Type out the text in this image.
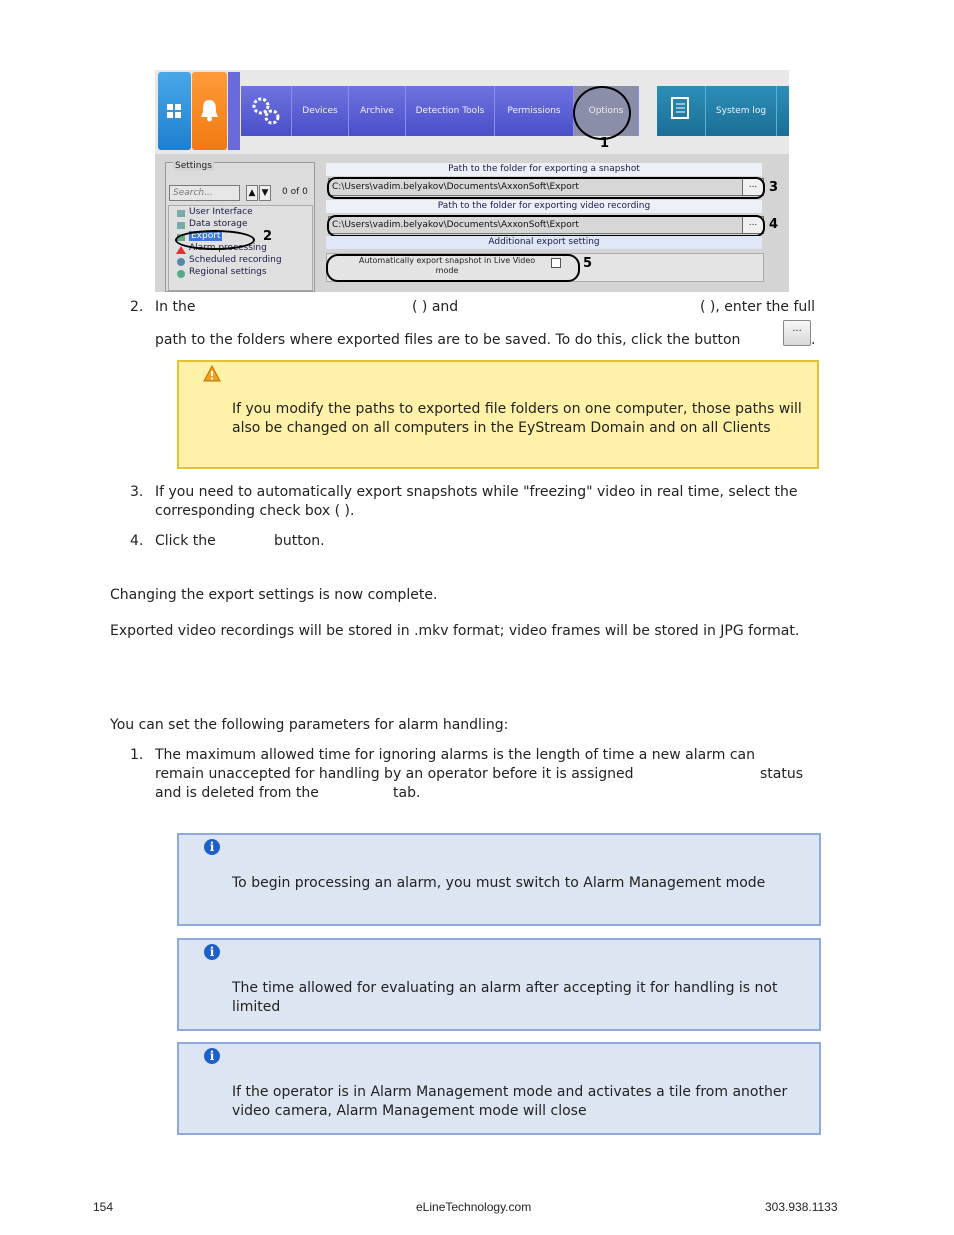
Devices	Archive	Detection Tools	Permissions	Options	System log
1
Settings
Search...	▲ ▼ 0 of 0
User Interface
Data storage
Export
Alarm processing
Scheduled recording
Regional settings
2
Path to the folder for exporting a snapshot
C:\Users\vadim.belyakov\Documents\AxxonSoft\Export	... 3
Path to the folder for exporting video recording
C:\Users\vadim.belyakov\Documents\AxxonSoft\Export	... 4
Additional export setting
Automatically export snapshot in Live Video mode	5
2. In the	( ) and	( ), enter the full
path to the folders where exported files are to be saved. To do this, click the button
...
.
If you modify the paths to exported file folders on one computer, those paths will also be changed on all computers in the EyStream Domain and on all Clients
3. If you need to automatically export snapshots while "freezing" video in real time, select the corresponding check box ( ).
4. Click the	button.
Changing the export settings is now complete.
Exported video recordings will be stored in .mkv format; video frames will be stored in JPG format.
You can set the following parameters for alarm handling:
1. The maximum allowed time for ignoring alarms is the length of time a new alarm can
remain unaccepted for handling by an operator before it is assigned	status
and is deleted from the	tab.
i
To begin processing an alarm, you must switch to Alarm Management mode
i
The time allowed for evaluating an alarm after accepting it for handling is not limited
i
If the operator is in Alarm Management mode and activates a tile from another video camera, Alarm Management mode will close
154	eLineTechnology.com	303.938.1133
